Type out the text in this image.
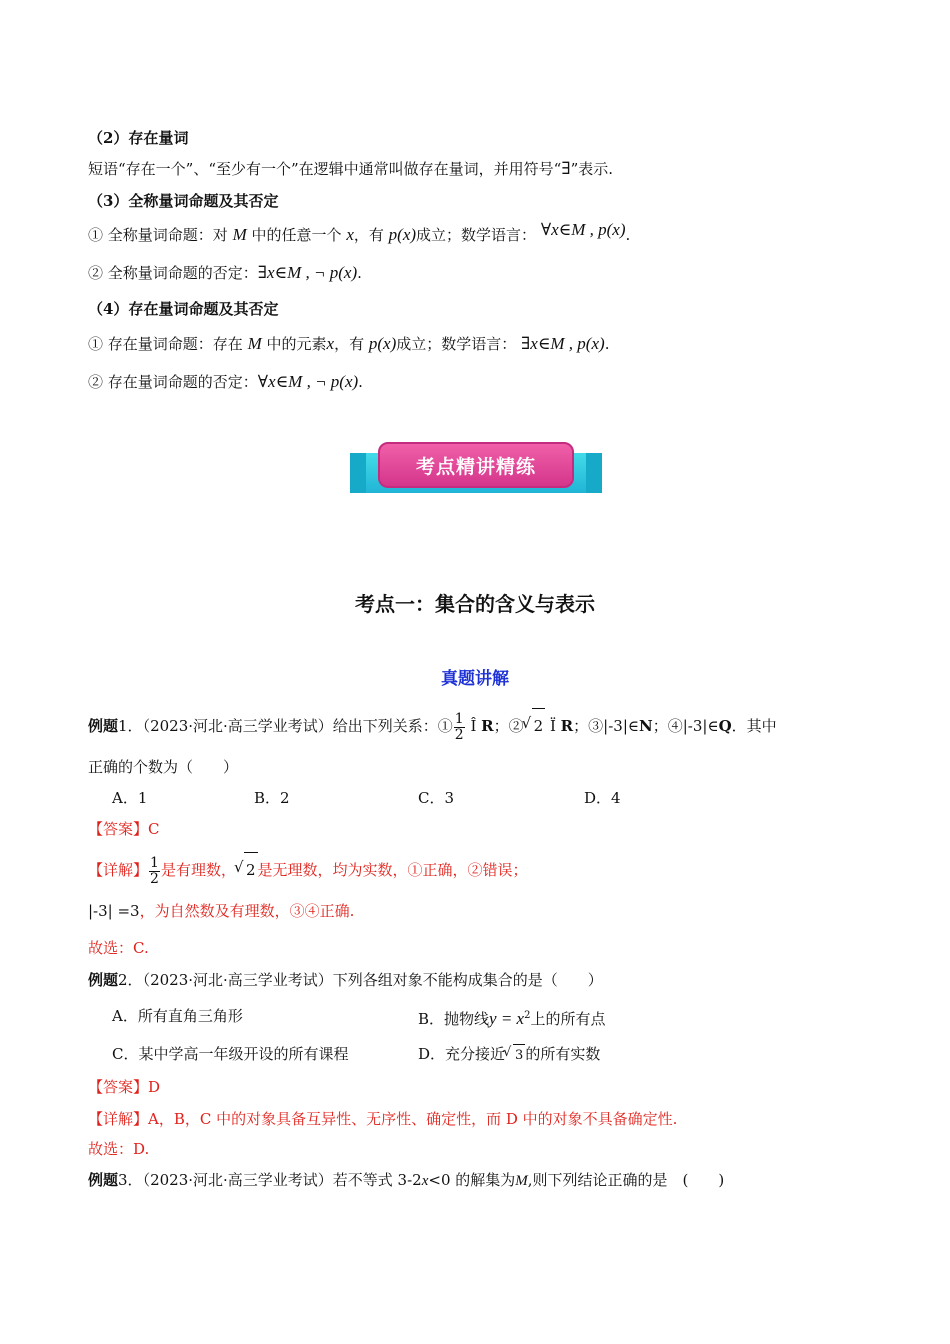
（2）存在量词
短语“存在一个”、“至少有一个”在逻辑中通常叫做存在量词，并用符号“∃”表示.
（3）全称量词命题及其否定
① 全称量词命题：对 M 中的任意一个 x，有 p(x)成立；数学语言： ∀x∈M , p(x).
② 全称量词命题的否定：∃x∈M , ¬ p(x).
（4）存在量词命题及其否定
① 存在量词命题：存在 M 中的元素x，有 p(x)成立；数学语言： ∃x∈M , p(x).
② 存在量词命题的否定：∀x∈M , ¬ p(x).
考点精讲精练
考点一：集合的含义与表示
真题讲解
例题1．（2023·河北·高三学业考试）给出下列关系：① $\frac{1}{2}$ Î R；② √ 2 Ï R；③|-3|∈N；④|-3|∈Q．其中
正确的个数为（　　）
A．1	B．2	C．3	D．4
【答案】C
【详解】 $\frac{1}{2}$ 是有理数， √ 2 是无理数，均为实数，①正确，②错误；
|-3| =3，为自然数及有理数，③④正确.
故选：C.
例题2．（2023·河北·高三学业考试）下列各组对象不能构成集合的是（　　）
A．所有直角三角形	B．抛物线$y = x^2$上的所有点
C．某中学高一年级开设的所有课程	D．充分接近 √ 3 的所有实数
【答案】D
【详解】A，B，C 中的对象具备互异性、无序性、确定性，而 D 中的对象不具备确定性.
故选：D.
例题3．（2023·河北·高三学业考试）若不等式 3-2x<0 的解集为M,则下列结论正确的是　(　　)
